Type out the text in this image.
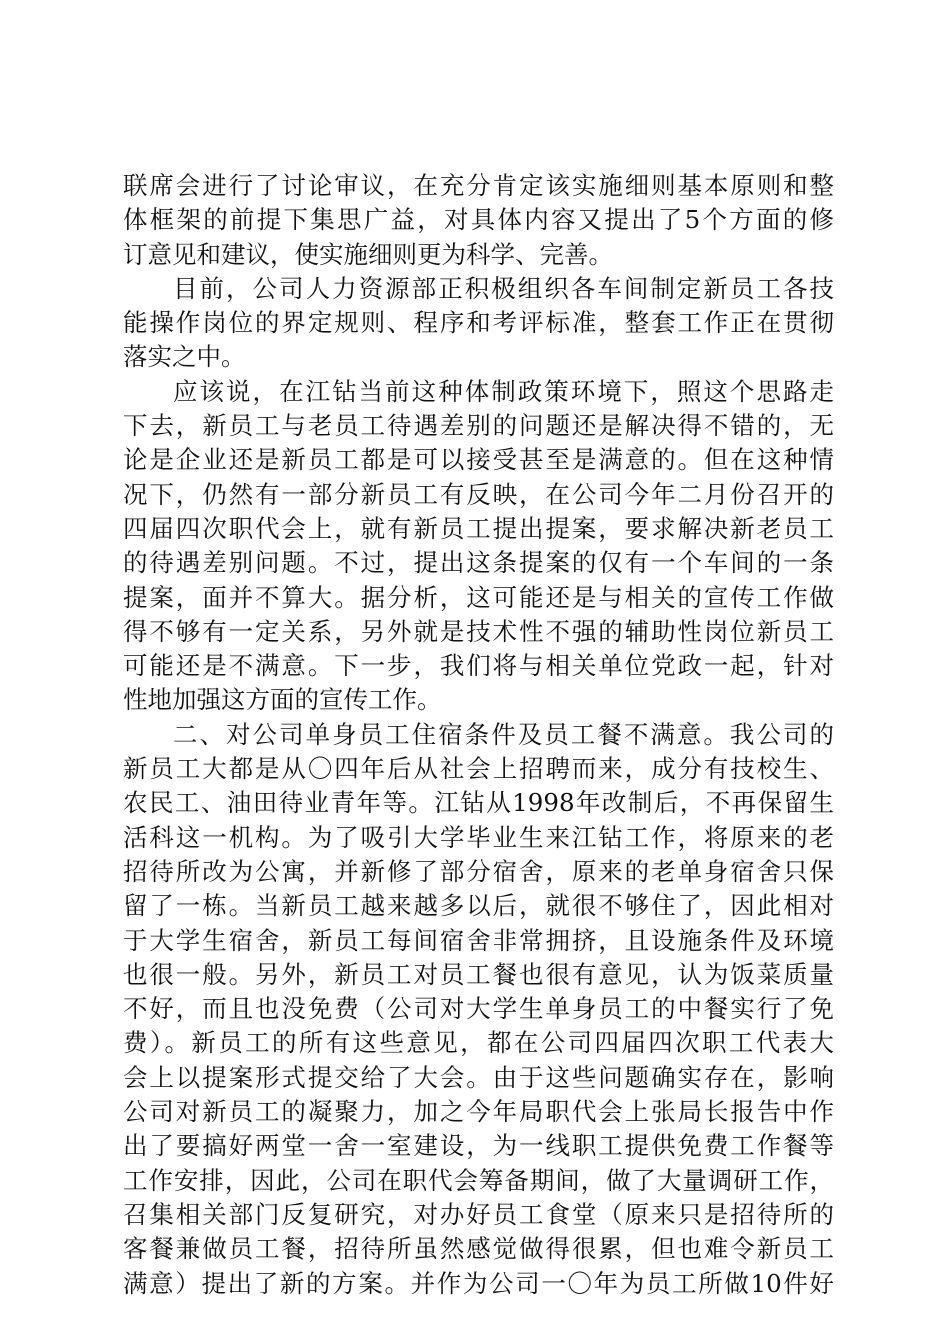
联席会进行了讨论审议，在充分肯定该实施细则基本原则和整
体框架的前提下集思广益，对具体内容又提出了5个方面的修
订意见和建议，使实施细则更为科学、完善。
目前，公司人力资源部正积极组织各车间制定新员工各技
能操作岗位的界定规则、程序和考评标准，整套工作正在贯彻
落实之中。
应该说，在江钻当前这种体制政策环境下，照这个思路走
下去，新员工与老员工待遇差别的问题还是解决得不错的，无
论是企业还是新员工都是可以接受甚至是满意的。但在这种情
况下，仍然有一部分新员工有反映，在公司今年二月份召开的
四届四次职代会上，就有新员工提出提案，要求解决新老员工
的待遇差别问题。不过，提出这条提案的仅有一个车间的一条
提案，面并不算大。据分析，这可能还是与相关的宣传工作做
得不够有一定关系，另外就是技术性不强的辅助性岗位新员工
可能还是不满意。下一步，我们将与相关单位党政一起，针对
性地加强这方面的宣传工作。
二、对公司单身员工住宿条件及员工餐不满意。我公司的
新员工大都是从〇四年后从社会上招聘而来，成分有技校生、
农民工、油田待业青年等。江钻从1998年改制后，不再保留生
活科这一机构。为了吸引大学毕业生来江钻工作，将原来的老
招待所改为公寓，并新修了部分宿舍，原来的老单身宿舍只保
留了一栋。当新员工越来越多以后，就很不够住了，因此相对
于大学生宿舍，新员工每间宿舍非常拥挤，且设施条件及环境
也很一般。另外，新员工对员工餐也很有意见，认为饭菜质量
不好，而且也没免费（公司对大学生单身员工的中餐实行了免
费）。新员工的所有这些意见，都在公司四届四次职工代表大
会上以提案形式提交给了大会。由于这些问题确实存在，影响
公司对新员工的凝聚力，加之今年局职代会上张局长报告中作
出了要搞好两堂一舍一室建设，为一线职工提供免费工作餐等
工作安排，因此，公司在职代会筹备期间，做了大量调研工作，
召集相关部门反复研究，对办好员工食堂（原来只是招待所的
客餐兼做员工餐，招待所虽然感觉做得很累，但也难令新员工
满意）提出了新的方案。并作为公司一〇年为员工所做10件好
